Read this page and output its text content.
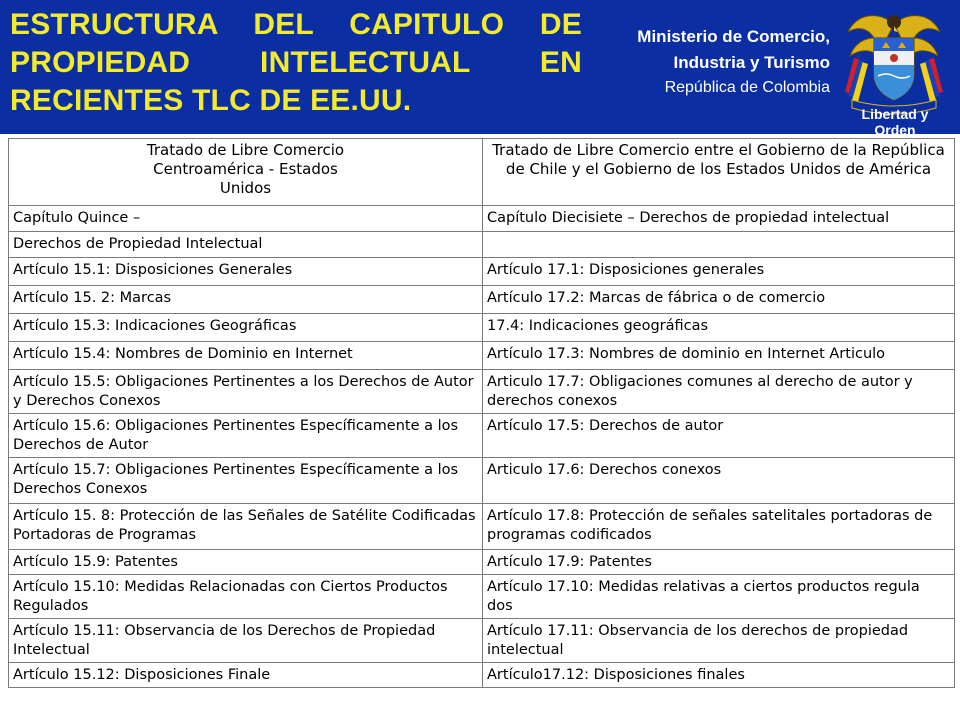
ESTRUCTURA DEL CAPITULO DE PROPIEDAD INTELECTUAL EN RECIENTES TLC DE EE.UU.

Ministerio de Comercio,
Industria y Turismo
República de Colombia
Libertad y Orden
Tratado de Libre Comercio Centroamérica - Estados Unidos	Tratado de Libre Comercio entre el Gobierno de la República de Chile y el Gobierno de los Estados Unidos de América
Capítulo Quince –	Capítulo Diecisiete – Derechos de propiedad intelectual
Derechos de Propiedad Intelectual	
Artículo 15.1: Disposiciones Generales	Artículo 17.1: Disposiciones generales
Artículo 15. 2: Marcas	Artículo 17.2: Marcas de fábrica o de comercio
Artículo 15.3: Indicaciones Geográficas	17.4: Indicaciones geográficas
Artículo 15.4: Nombres de Dominio en Internet	Artículo 17.3: Nombres de dominio en Internet Articulo
Artículo 15.5: Obligaciones Pertinentes a los Derechos de Autor y Derechos Conexos	Articulo 17.7: Obligaciones comunes al derecho de autor y derechos conexos
Artículo 15.6: Obligaciones Pertinentes Específicamente a los Derechos de Autor	Artículo 17.5: Derechos de autor
Artículo 15.7: Obligaciones Pertinentes Específicamente a los Derechos Conexos	Articulo 17.6: Derechos conexos
Artículo 15. 8: Protección de las Señales de Satélite Codificadas Portadoras de Programas	Artículo 17.8: Protección de señales satelitales portadoras de programas codificados
Artículo 15.9: Patentes	Artículo 17.9: Patentes
Artículo 15.10: Medidas Relacionadas con Ciertos Productos Regulados	Artículo 17.10: Medidas relativas a ciertos productos regula dos
Artículo 15.11: Observancia de los Derechos de Propiedad Intelectual	Artículo 17.11: Observancia de los derechos de propiedad intelectual
Artículo 15.12: Disposiciones Finale	Artículo17.12: Disposiciones finales
